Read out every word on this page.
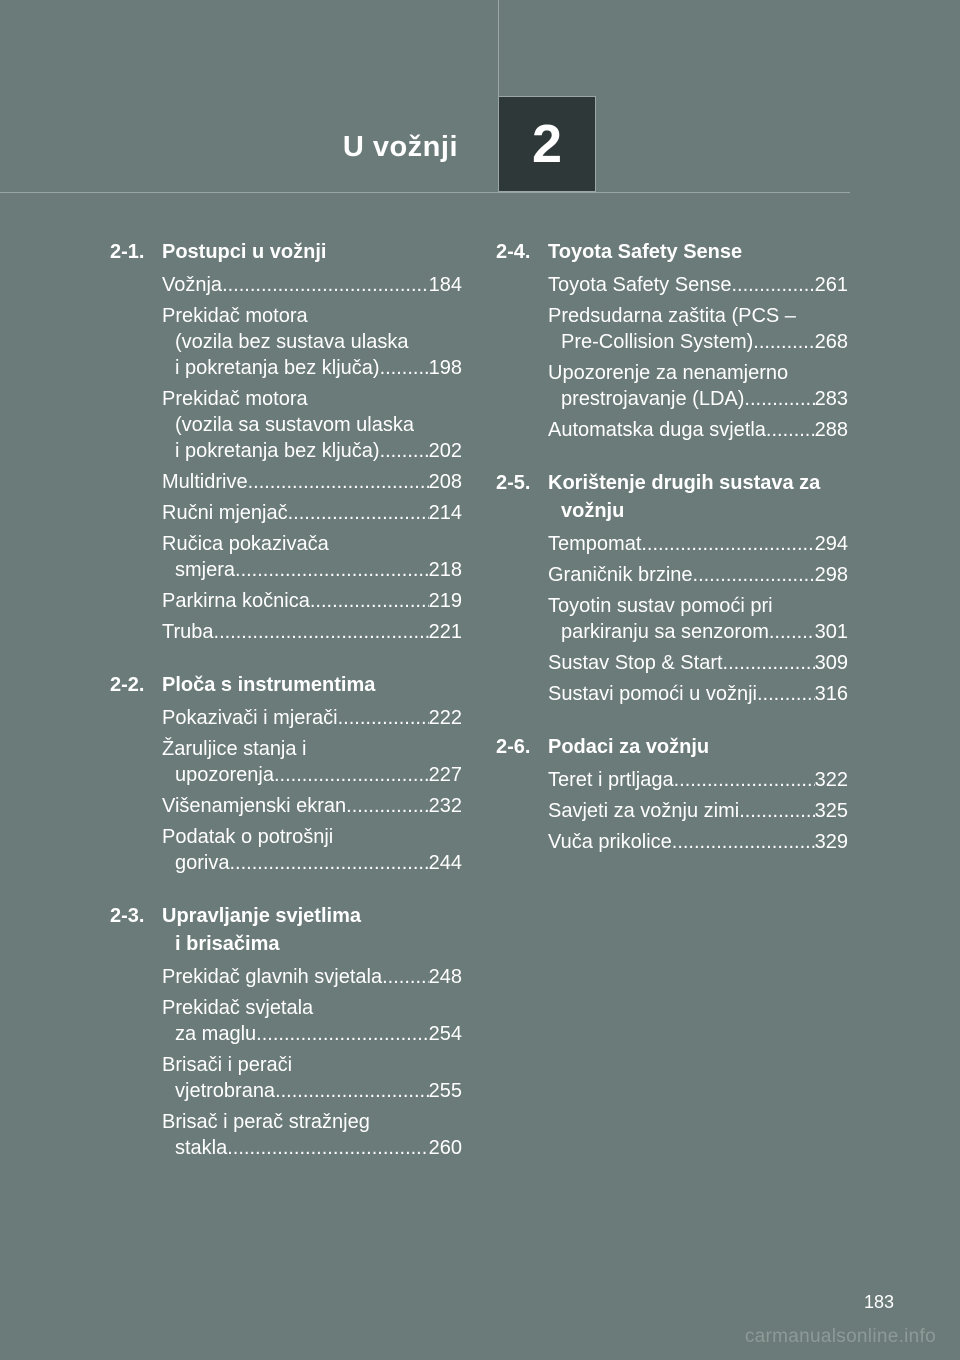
U vožnji 2
2-1. Postupci u vožnji
Vožnja .....	184
Prekidač motora
(vozila bez sustava ulaska
i pokretanja bez ključa) ..... 198
Prekidač motora
(vozila sa sustavom ulaska
i pokretanja bez ključa) ..... 202
Multidrive .....	208
Ručni mjenjač .....	214
Ručica pokazivača
smjera .....	218
Parkirna kočnica .....	219
Truba .....	221
2-2. Ploča s instrumentima
Pokazivači i mjerači .....	222
Žaruljice stanja i
upozorenja .....	227
Višenamjenski ekran .....	232
Podatak o potrošnji
goriva .....	244
2-3. Upravljanje svjetlima

i brisačima
Prekidač glavnih svjetala ..... 248
Prekidač svjetala
za maglu .....	254
Brisači i perači
vjetrobrana .....	255
Brisač i perač stražnjeg
stakla .....	260
2-4. Toyota Safety Sense
Toyota Safety Sense .....	261
Predsudarna zaštita (PCS –
Pre-Collision System) .....	268
Upozorenje za nenamjerno
prestrojavanje (LDA) .....	283
Automatska duga svjetla ..... 288
2-5. Korištenje drugih sustava za

vožnju
Tempomat .....	294
Graničnik brzine .....	298
Toyotin sustav pomoći pri
parkiranju sa senzorom ..... 301
Sustav Stop & Start .....	309
Sustavi pomoći u vožnji .....	316
2-6. Podaci za vožnju
Teret i prtljaga .....	322
Savjeti za vožnju zimi .....	325
Vuča prikolice .....	329
183
carmanualsonline.info
